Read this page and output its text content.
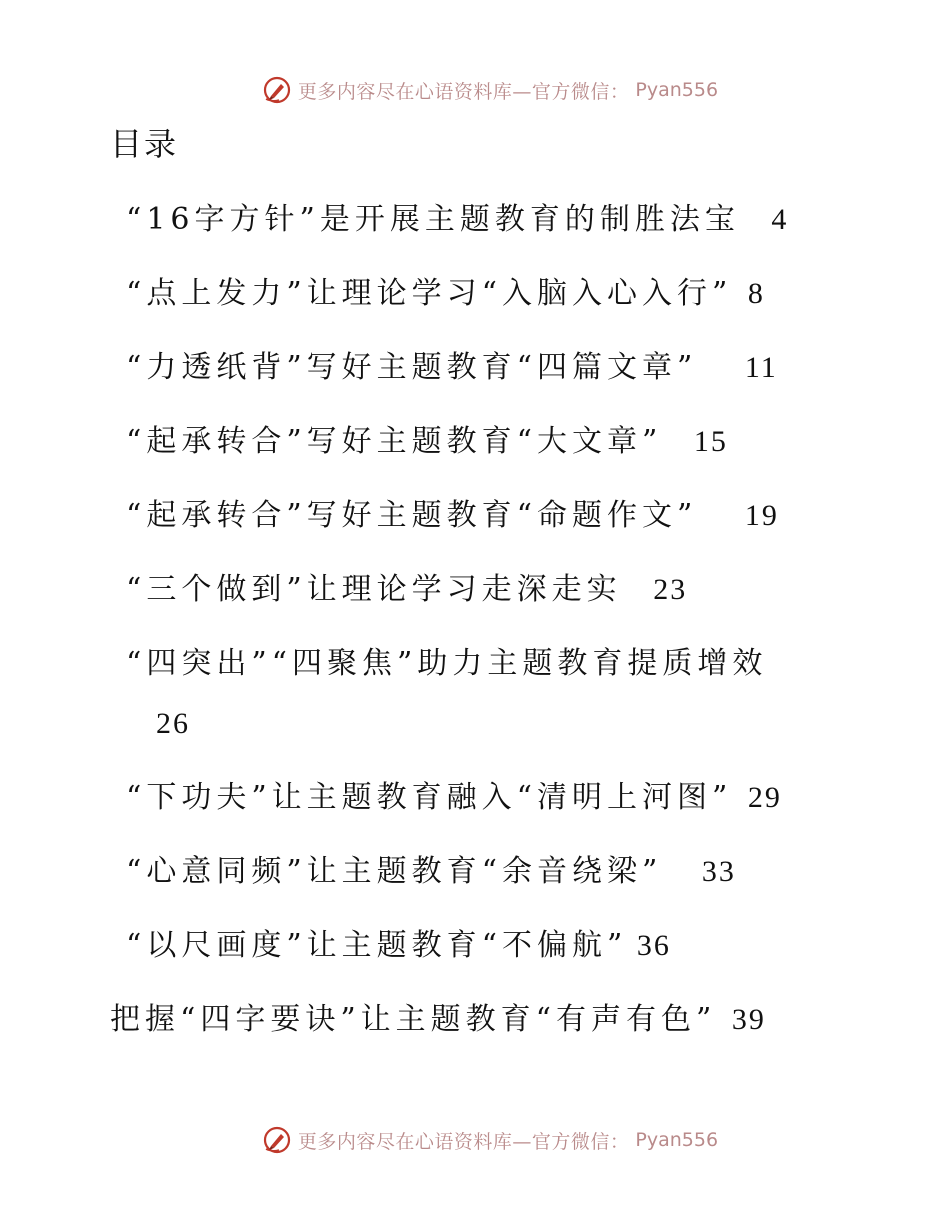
更多内容尽在心语资料库—官方微信： Pyan556
目录
“16字方针”是开展主题教育的制胜法宝 4
“点上发力”让理论学习“入脑入心入行” 8
“力透纸背”写好主题教育“四篇文章” 11
“起承转合”写好主题教育“大文章” 15
“起承转合”写好主题教育“命题作文” 19
“三个做到”让理论学习走深走实 23
“四突出”“四聚焦”助力主题教育提质增效
26
“下功夫”让主题教育融入“清明上河图” 29
“心意同频”让主题教育“余音绕梁” 33
“以尺画度”让主题教育“不偏航” 36
把握“四字要诀”让主题教育“有声有色” 39
更多内容尽在心语资料库—官方微信： Pyan556
